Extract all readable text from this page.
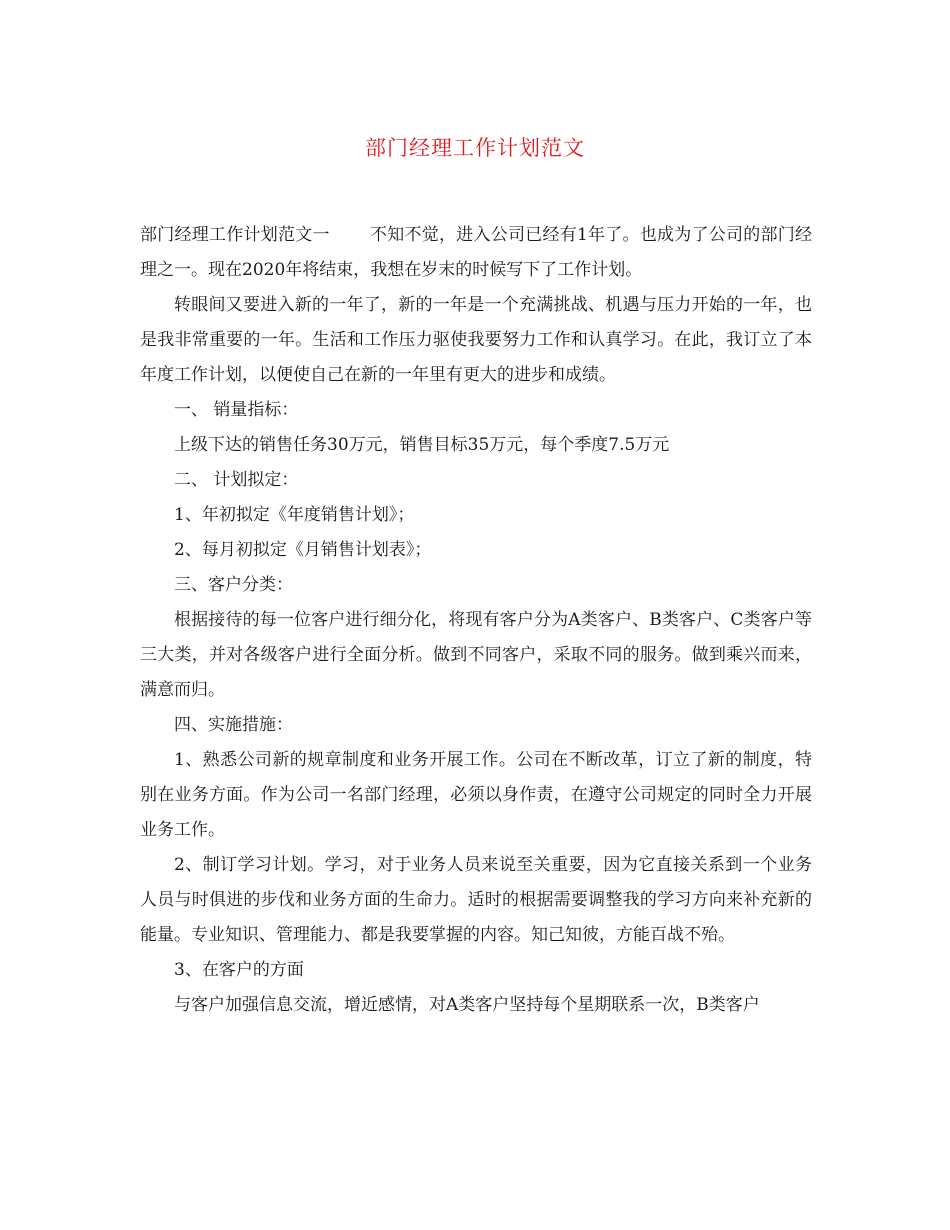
部门经理工作计划范文

部门经理工作计划范文一 不知不觉，进入公司已经有1年了。也成为了公司的部门经理之一。现在2020年将结束，我想在岁末的时候写下了工作计划。

转眼间又要进入新的一年了，新的一年是一个充满挑战、机遇与压力开始的一年，也是我非常重要的一年。生活和工作压力驱使我要努力工作和认真学习。在此，我订立了本年度工作计划，以便使自己在新的一年里有更大的进步和成绩。

一、 销量指标：

上级下达的销售任务30万元，销售目标35万元，每个季度7.5万元

二、 计划拟定：

1、年初拟定《年度销售计划》；

2、每月初拟定《月销售计划表》；

三、客户分类：

根据接待的每一位客户进行细分化，将现有客户分为A类客户、B类客户、C类客户等三大类，并对各级客户进行全面分析。做到不同客户，采取不同的服务。做到乘兴而来，满意而归。

四、实施措施：

1、熟悉公司新的规章制度和业务开展工作。公司在不断改革，订立了新的制度，特别在业务方面。作为公司一名部门经理，必须以身作责，在遵守公司规定的同时全力开展业务工作。

2、制订学习计划。学习，对于业务人员来说至关重要，因为它直接关系到一个业务人员与时俱进的步伐和业务方面的生命力。适时的根据需要调整我的学习方向来补充新的能量。专业知识、管理能力、都是我要掌握的内容。知己知彼，方能百战不殆。

3、在客户的方面

与客户加强信息交流，增近感情，对A类客户坚持每个星期联系一次，B类客户
